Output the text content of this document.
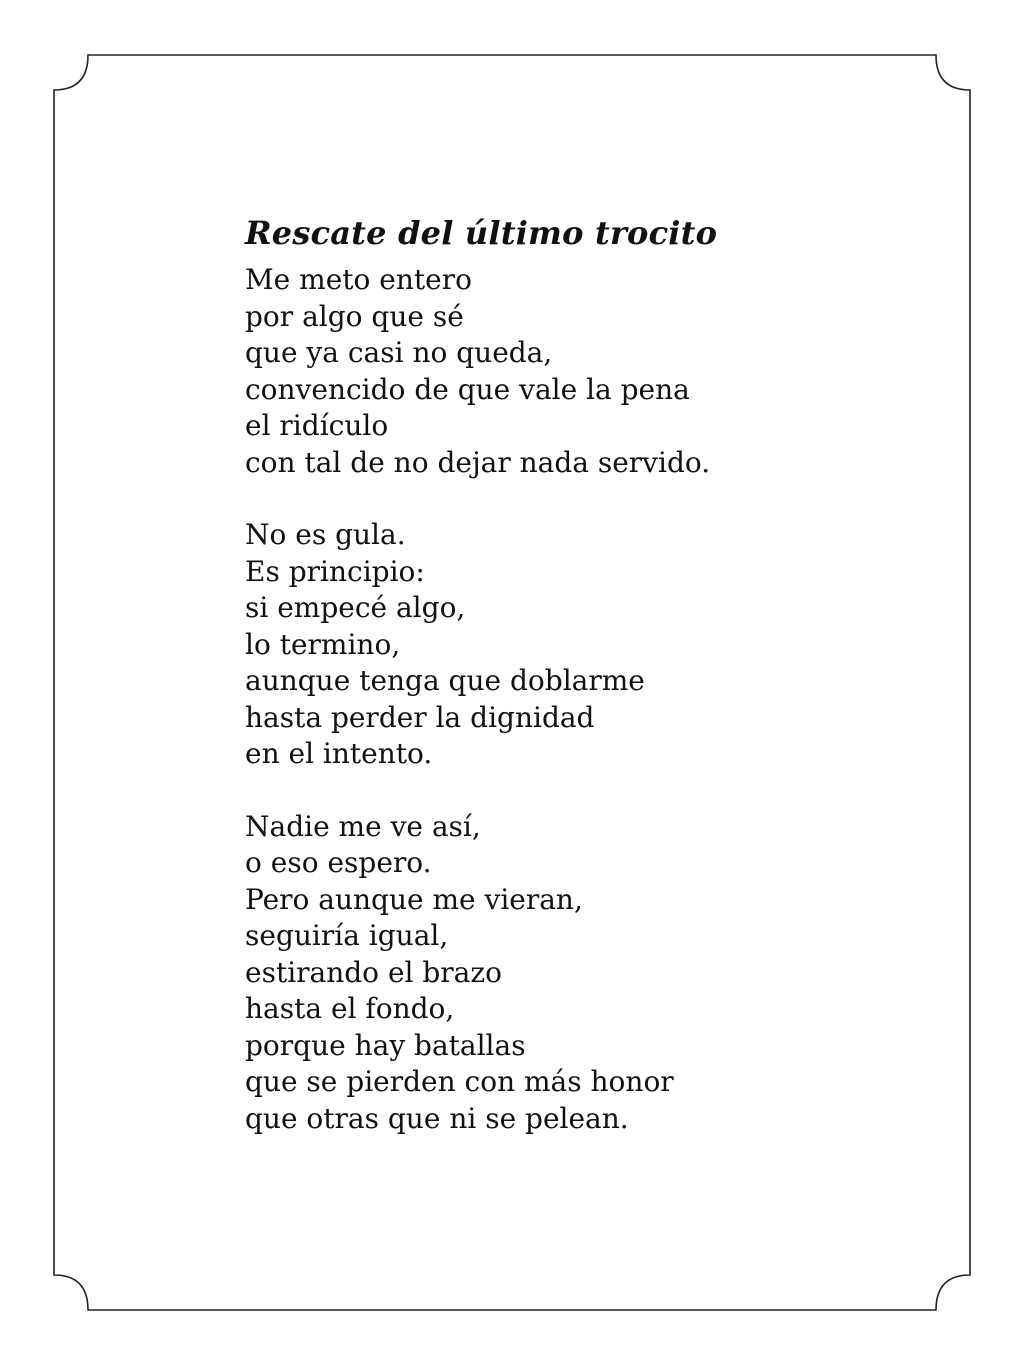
Rescate del último trocito
Me meto entero
por algo que sé
que ya casi no queda,
convencido de que vale la pena
el ridículo
con tal de no dejar nada servido.
No es gula.
Es principio:
si empecé algo,
lo termino,
aunque tenga que doblarme
hasta perder la dignidad
en el intento.
Nadie me ve así,
o eso espero.
Pero aunque me vieran,
seguiría igual,
estirando el brazo
hasta el fondo,
porque hay batallas
que se pierden con más honor
que otras que ni se pelean.
